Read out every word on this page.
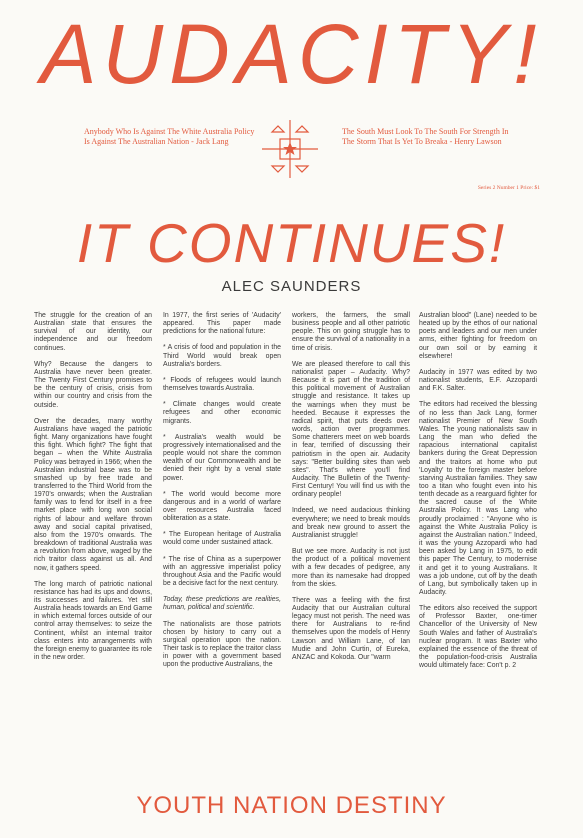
AUDACITY!
Anybody Who Is Against The White Australia Policy Is Against The Australian Nation - Jack Lang
The South Must Look To The South For Strength In The Storm That Is Yet To Breaka - Henry Lawson
Series 2 Number 1 Price: $1
IT CONTINUES!
ALEC SAUNDERS

The struggle for the creation of an Australian state that ensures the survival of our identity, our independence and our freedom continues.

Why? Because the dangers to Australia have never been greater. The Twenty First Century promises to be the century of crisis, crisis from within our country and crisis from the outside.

Over the decades, many worthy Australians have waged the patriotic fight. Many organizations have fought this fight. Which fight? The fight that began – when the White Australia Policy was betrayed in 1966; when the Australian industrial base was to be smashed up by free trade and transferred to the Third World from the 1970's onwards; when the Australian family was to fend for itself in a free market place with long won social rights of labour and welfare thrown away and social capital privatised, also from the 1970's onwards. The breakdown of traditional Australia was a revolution from above, waged by the rich traitor class against us all. And now, it gathers speed.

The long march of patriotic national resistance has had its ups and downs, its successes and failures. Yet still Australia heads towards an End Game in which external forces outside of our control array themselves: to seize the Continent, whilst an internal traitor class enters into arrangements with the foreign enemy to guarantee its role in the new order.

In 1977, the first series of 'Audacity' appeared. This paper made predictions for the national future:

* A crisis of food and population in the Third World would break open Australia's borders.

* Floods of refugees would launch themselves towards Australia.

* Climate changes would create refugees and other economic migrants.

* Australia's wealth would be progressively internationalised and the people would not share the common wealth of our Commonwealth and be denied their right by a venal state power.

* The world would become more dangerous and in a world of warfare over resources Australia faced obliteration as a state.

* The European heritage of Australia would come under sustained attack.

* The rise of China as a superpower with an aggressive imperialist policy throughout Asia and the Pacific would be a decisive fact for the next century.

Today, these predictions are realities, human, political and scientific.

The nationalists are those patriots chosen by history to carry out a surgical operation upon the nation. Their task is to replace the traitor class in power with a government based upon the productive Australians, the

workers, the farmers, the small business people and all other patriotic people. This on going struggle has to ensure the survival of a nationality in a time of crisis.

We are pleased therefore to call this nationalist paper – Audacity. Why? Because it is part of the tradition of this political movement of Australian struggle and resistance. It takes up the warnings when they must be heeded. Because it expresses the radical spirit, that puts deeds over words, action over programmes. Some chatterers meet on web boards in fear, terrified of discussing their patriotism in the open air. Audacity says: "Better building sites than web sites". That's where you'll find Audacity. The Bulletin of the Twenty-First Century! You will find us with the ordinary people!

Indeed, we need audacious thinking everywhere; we need to break moulds and break new ground to assert the Australianist struggle!

But we see more. Audacity is not just the product of a political movement with a few decades of pedigree, any more than its namesake had dropped from the skies.

There was a feeling with the first Audacity that our Australian cultural legacy must not perish. The need was there for Australians to re-find themselves upon the models of Henry Lawson and William Lane, of Ian Mudie and John Curtin, of Eureka, ANZAC and Kokoda. Our "warm

Australian blood" (Lane) needed to be heated up by the ethos of our national poets and leaders and our men under arms, either fighting for freedom on our own soil or by earning it elsewhere!

Audacity in 1977 was edited by two nationalist students, E.F. Azzopardi and F.K. Salter.

The editors had received the blessing of no less than Jack Lang, former nationalist Premier of New South Wales. The young nationalists saw in Lang the man who defied the rapacious international capitalist bankers during the Great Depression and the traitors at home who put 'Loyalty' to the foreign master before starving Australian families. They saw too a titan who fought even into his tenth decade as a rearguard fighter for the sacred cause of the White Australia Policy. It was Lang who proudly proclaimed : "Anyone who is against the White Australia Policy is against the Australian nation." Indeed, it was the young Azzopardi who had been asked by Lang in 1975, to edit this paper The Century, to modernise it and get it to young Australians. It was a job undone, cut off by the death of Lang, but symbolically taken up in Audacity.

The editors also received the support of Professor Baxter, one-timer Chancellor of the University of New South Wales and father of Australia's nuclear program. It was Baxter who explained the essence of the threat of the population-food-crisis Australia would ultimately face: Con't p. 2

YOUTH NATION DESTINY
